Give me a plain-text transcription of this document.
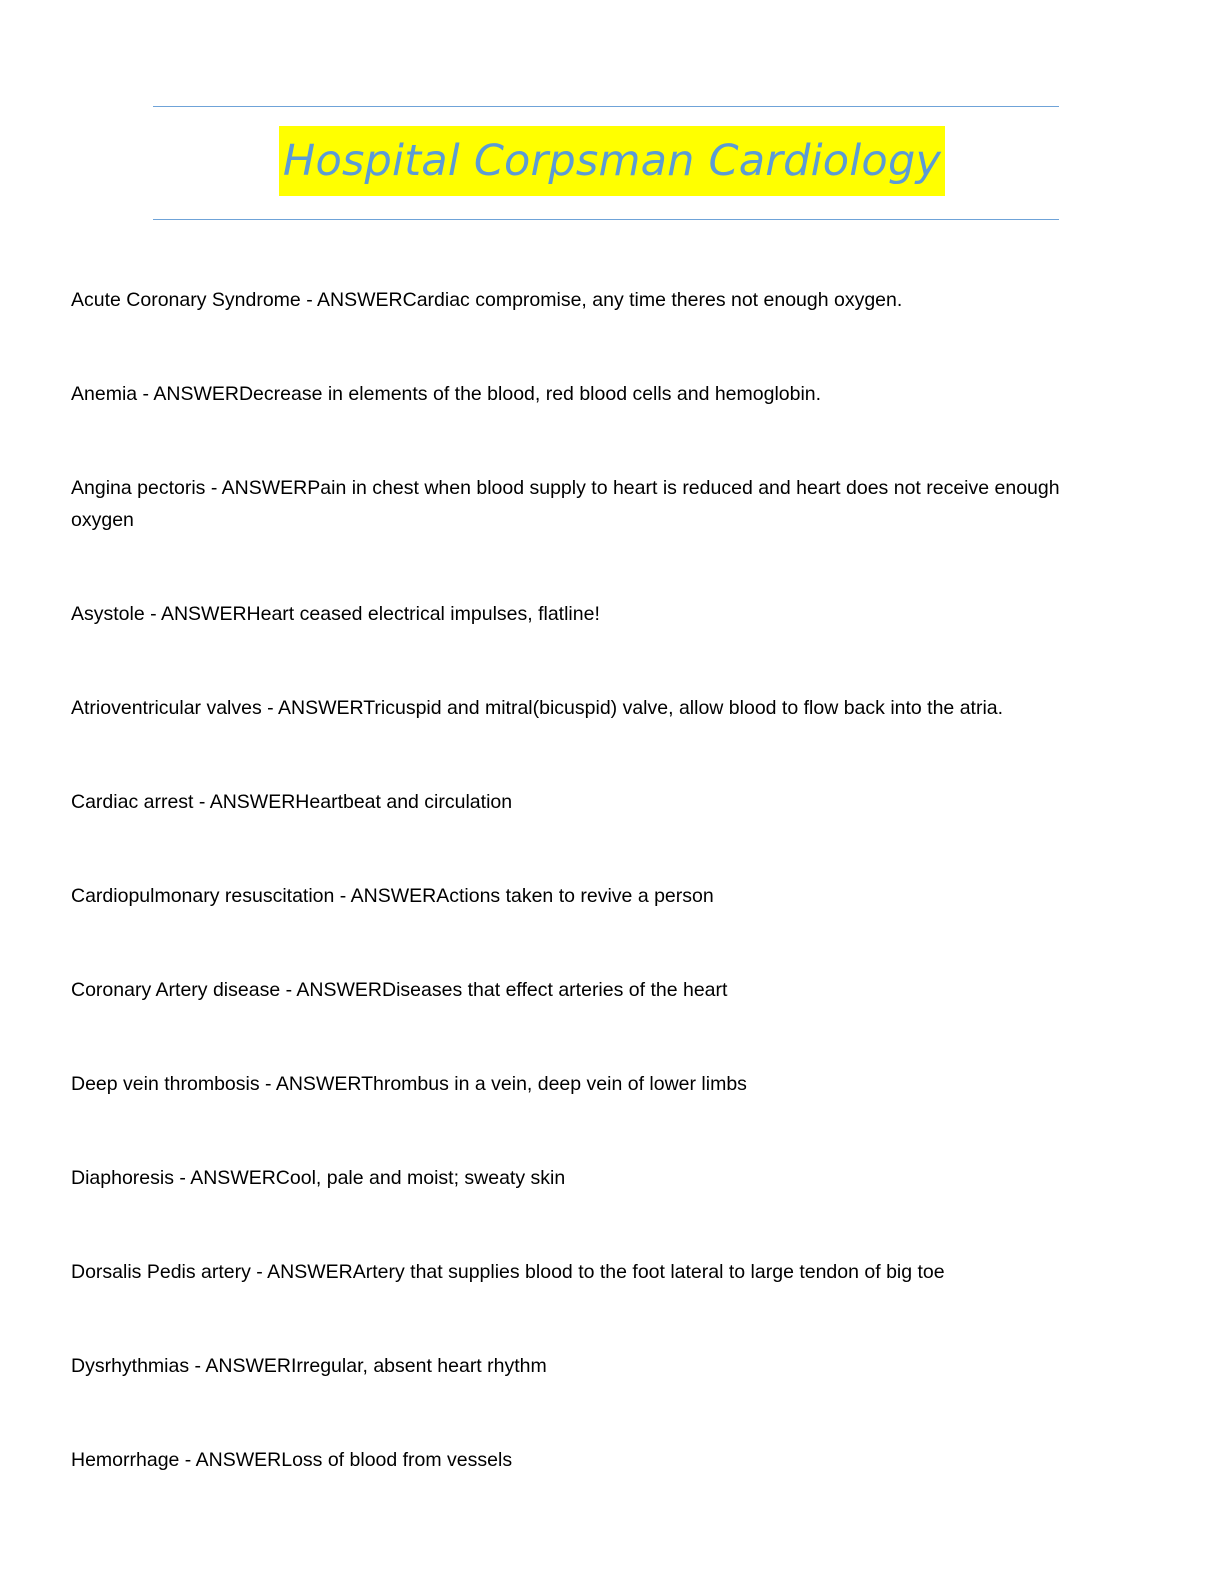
Hospital Corpsman Cardiology
Acute Coronary Syndrome - ANSWERCardiac compromise, any time theres not enough oxygen.
Anemia - ANSWERDecrease in elements of the blood, red blood cells and hemoglobin.
Angina pectoris - ANSWERPain in chest when blood supply to heart is reduced and heart does not receive enough oxygen
Asystole - ANSWERHeart ceased electrical impulses, flatline!
Atrioventricular valves - ANSWERTricuspid and mitral(bicuspid) valve, allow blood to flow back into the atria.
Cardiac arrest - ANSWERHeartbeat and circulation
Cardiopulmonary resuscitation - ANSWERActions taken to revive a person
Coronary Artery disease - ANSWERDiseases that effect arteries of the heart
Deep vein thrombosis - ANSWERThrombus in a vein, deep vein of lower limbs
Diaphoresis - ANSWERCool, pale and moist; sweaty skin
Dorsalis Pedis artery - ANSWERArtery that supplies blood to the foot lateral to large tendon of big toe
Dysrhythmias - ANSWERIrregular, absent heart rhythm
Hemorrhage - ANSWERLoss of blood from vessels
